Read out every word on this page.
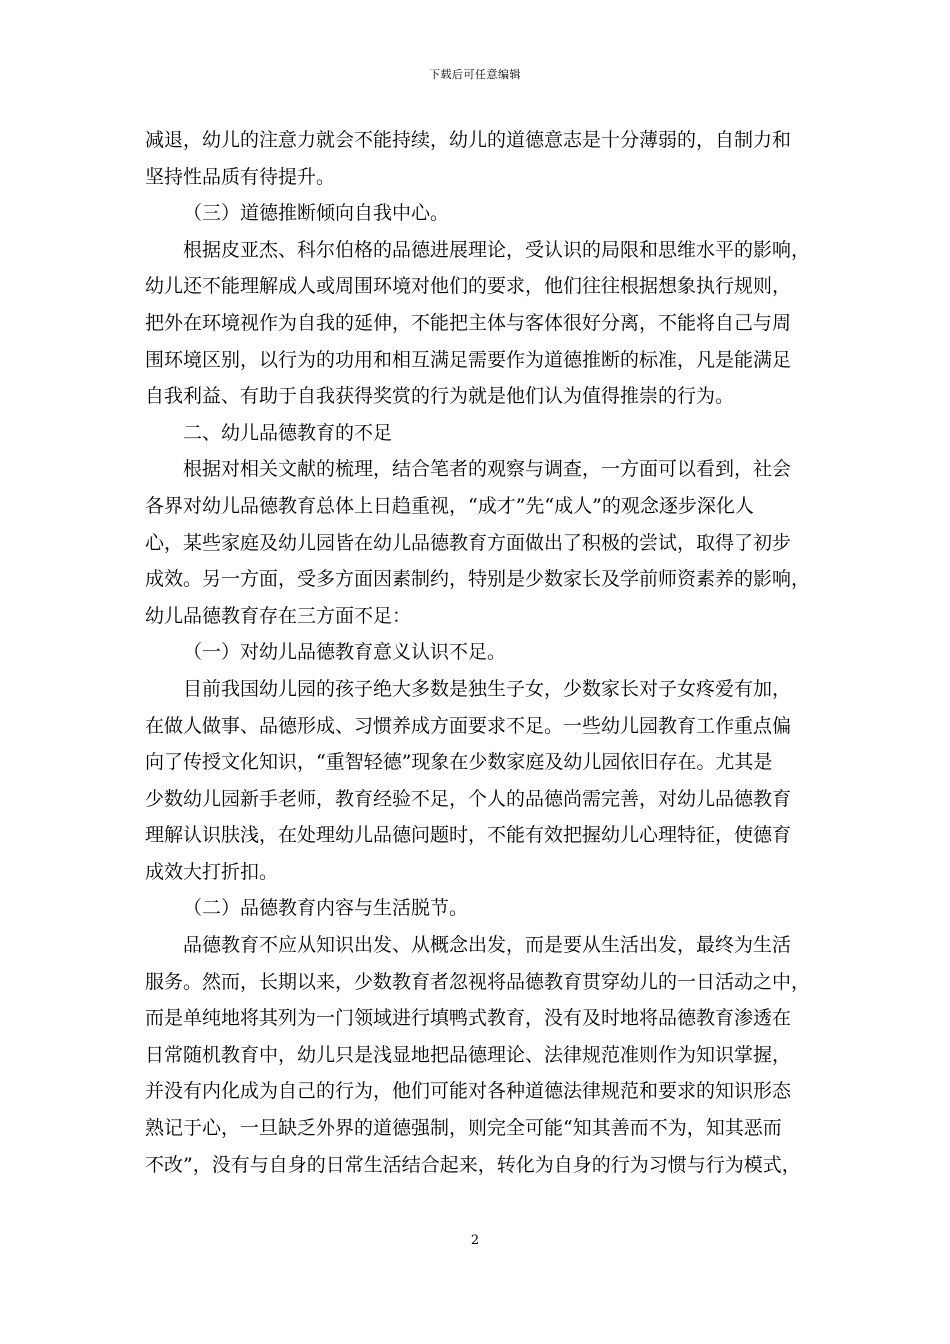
下载后可任意编辑

减退，幼儿的注意力就会不能持续，幼儿的道德意志是十分薄弱的，自制力和
坚持性品质有待提升。

（三）道德推断倾向自我中心。

根据皮亚杰、科尔伯格的品德进展理论，受认识的局限和思维水平的影响，
幼儿还不能理解成人或周围环境对他们的要求，他们往往根据想象执行规则，
把外在环境视作为自我的延伸，不能把主体与客体很好分离，不能将自己与周
围环境区别，以行为的功用和相互满足需要作为道德推断的标准，凡是能满足
自我利益、有助于自我获得奖赏的行为就是他们认为值得推崇的行为。

二、幼儿品德教育的不足

根据对相关文献的梳理，结合笔者的观察与调查，一方面可以看到，社会
各界对幼儿品德教育总体上日趋重视，“成才”先“成人”的观念逐步深化人
心，某些家庭及幼儿园皆在幼儿品德教育方面做出了积极的尝试，取得了初步
成效。另一方面，受多方面因素制约，特别是少数家长及学前师资素养的影响，
幼儿品德教育存在三方面不足：

（一）对幼儿品德教育意义认识不足。

目前我国幼儿园的孩子绝大多数是独生子女，少数家长对子女疼爱有加，
在做人做事、品德形成、习惯养成方面要求不足。一些幼儿园教育工作重点偏
向了传授文化知识，“重智轻德”现象在少数家庭及幼儿园依旧存在。尤其是
少数幼儿园新手老师，教育经验不足，个人的品德尚需完善，对幼儿品德教育
理解认识肤浅，在处理幼儿品德问题时，不能有效把握幼儿心理特征，使德育
成效大打折扣。

（二）品德教育内容与生活脱节。

品德教育不应从知识出发、从概念出发，而是要从生活出发，最终为生活
服务。然而，长期以来，少数教育者忽视将品德教育贯穿幼儿的一日活动之中，
而是单纯地将其列为一门领域进行填鸭式教育，没有及时地将品德教育渗透在
日常随机教育中，幼儿只是浅显地把品德理论、法律规范准则作为知识掌握，
并没有内化成为自己的行为，他们可能对各种道德法律规范和要求的知识形态
熟记于心，一旦缺乏外界的道德强制，则完全可能“知其善而不为，知其恶而
不改”，没有与自身的日常生活结合起来，转化为自身的行为习惯与行为模式，

2
